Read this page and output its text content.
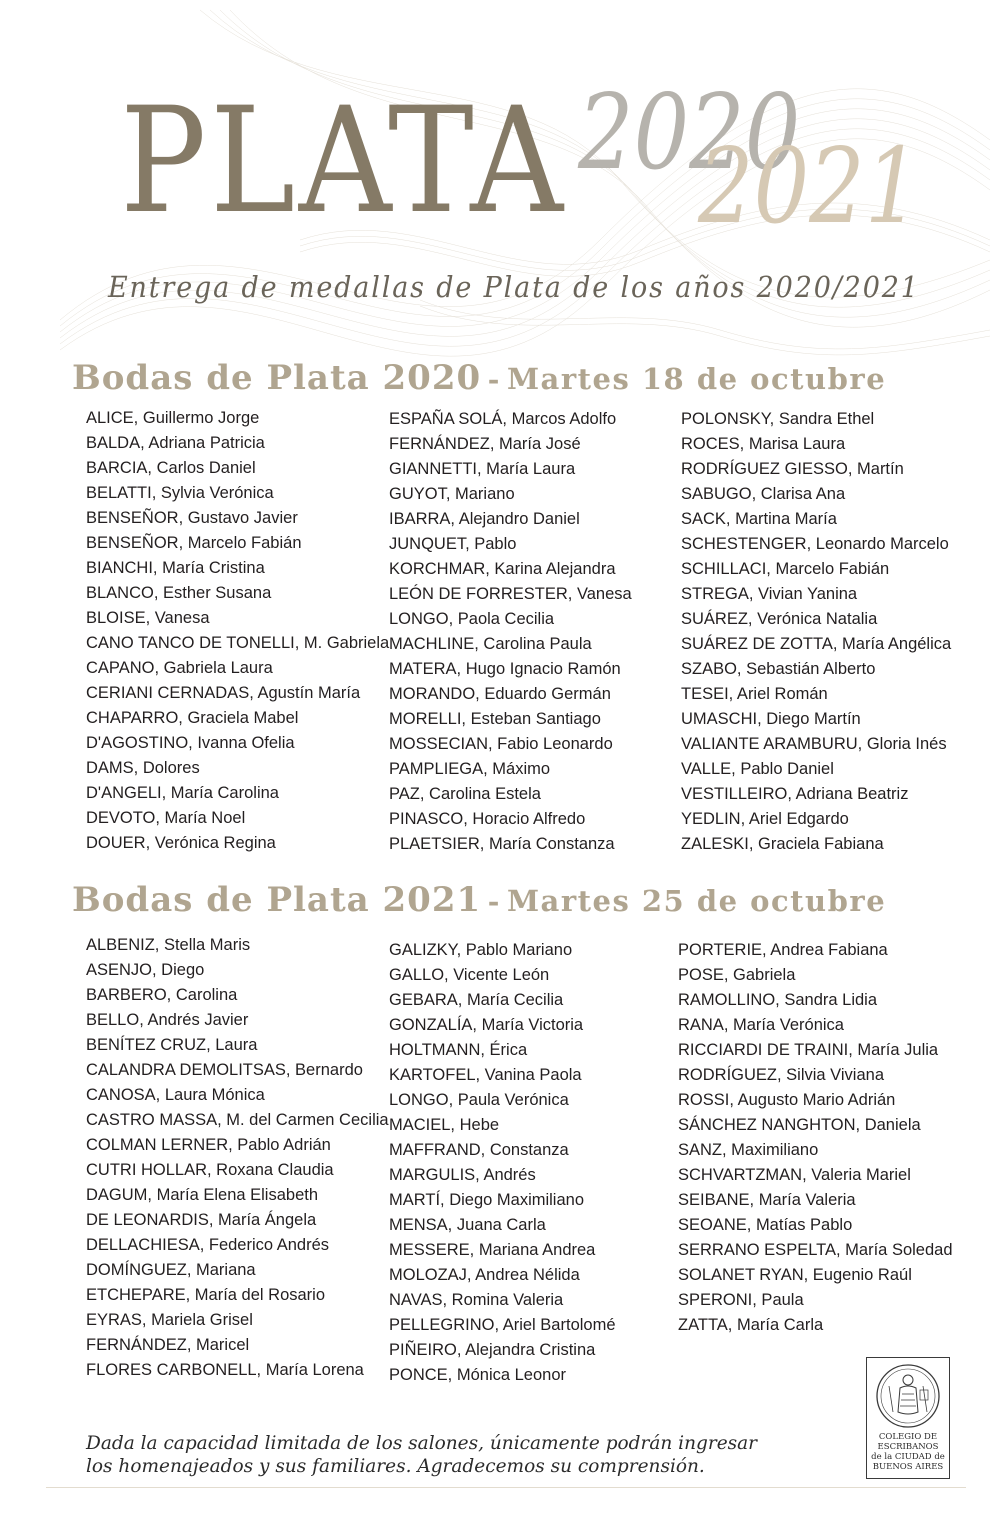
PLATA 2020
2021
Entrega de medallas de Plata de los años 2020/2021
Bodas de Plata 2020 - Martes 18 de octubre
ALICE, Guillermo Jorge
BALDA, Adriana Patricia
BARCIA, Carlos Daniel
BELATTI, Sylvia Verónica
BENSEÑOR, Gustavo Javier
BENSEÑOR, Marcelo Fabián
BIANCHI, María Cristina
BLANCO, Esther Susana
BLOISE, Vanesa
CANO TANCO DE TONELLI, M. Gabriela
CAPANO, Gabriela Laura
CERIANI CERNADAS, Agustín María
CHAPARRO, Graciela Mabel
D'AGOSTINO, Ivanna Ofelia
DAMS, Dolores
D'ANGELI, María Carolina
DEVOTO, María Noel
DOUER, Verónica Regina
ESPAÑA SOLÁ, Marcos Adolfo
FERNÁNDEZ, María José
GIANNETTI, María Laura
GUYOT, Mariano
IBARRA, Alejandro Daniel
JUNQUET, Pablo
KORCHMAR, Karina Alejandra
LEÓN DE FORRESTER, Vanesa
LONGO, Paola Cecilia
MACHLINE, Carolina Paula
MATERA, Hugo Ignacio Ramón
MORANDO, Eduardo Germán
MORELLI, Esteban Santiago
MOSSECIAN, Fabio Leonardo
PAMPLIEGA, Máximo
PAZ, Carolina Estela
PINASCO, Horacio Alfredo
PLAETSIER, María Constanza
POLONSKY, Sandra Ethel
ROCES, Marisa Laura
RODRÍGUEZ GIESSO, Martín
SABUGO, Clarisa Ana
SACK, Martina María
SCHESTENGER, Leonardo Marcelo
SCHILLACI, Marcelo Fabián
STREGA, Vivian Yanina
SUÁREZ, Verónica Natalia
SUÁREZ DE ZOTTA, María Angélica
SZABO, Sebastián Alberto
TESEI, Ariel Román
UMASCHI, Diego Martín
VALIANTE ARAMBURU, Gloria Inés
VALLE, Pablo Daniel
VESTILLEIRO, Adriana Beatriz
YEDLIN, Ariel Edgardo
ZALESKI, Graciela Fabiana
Bodas de Plata 2021 - Martes 25 de octubre
ALBENIZ, Stella Maris
ASENJO, Diego
BARBERO, Carolina
BELLO, Andrés Javier
BENÍTEZ CRUZ, Laura
CALANDRA DEMOLITSAS, Bernardo
CANOSA, Laura Mónica
CASTRO MASSA, M. del Carmen Cecilia
COLMAN LERNER, Pablo Adrián
CUTRI HOLLAR, Roxana Claudia
DAGUM, María Elena Elisabeth
DE LEONARDIS, María Ángela
DELLACHIESA, Federico Andrés
DOMÍNGUEZ, Mariana
ETCHEPARE, María del Rosario
EYRAS, Mariela Grisel
FERNÁNDEZ, Maricel
FLORES CARBONELL, María Lorena
GALIZKY, Pablo Mariano
GALLO, Vicente León
GEBARA, María Cecilia
GONZALÍA, María Victoria
HOLTMANN, Érica
KARTOFEL, Vanina Paola
LONGO, Paula Verónica
MACIEL, Hebe
MAFFRAND, Constanza
MARGULIS, Andrés
MARTÍ, Diego Maximiliano
MENSA, Juana Carla
MESSERE, Mariana Andrea
MOLOZAJ, Andrea Nélida
NAVAS, Romina Valeria
PELLEGRINO, Ariel Bartolomé
PIÑEIRO, Alejandra Cristina
PONCE, Mónica Leonor
PORTERIE, Andrea Fabiana
POSE, Gabriela
RAMOLLINO, Sandra Lidia
RANA, María Verónica
RICCIARDI DE TRAINI, María Julia
RODRÍGUEZ, Silvia Viviana
ROSSI, Augusto Mario Adrián
SÁNCHEZ NANGHTON, Daniela
SANZ, Maximiliano
SCHVARTZMAN, Valeria Mariel
SEIBANE, María Valeria
SEOANE, Matías Pablo
SERRANO ESPELTA, María Soledad
SOLANET RYAN, Eugenio Raúl
SPERONI, Paula
ZATTA, María Carla
Dada la capacidad limitada de los salones, únicamente podrán ingresar
los homenajeados y sus familiares. Agradecemos su comprensión.
COLEGIO DE
ESCRIBANOS
de la CIUDAD de
BUENOS AIRES
